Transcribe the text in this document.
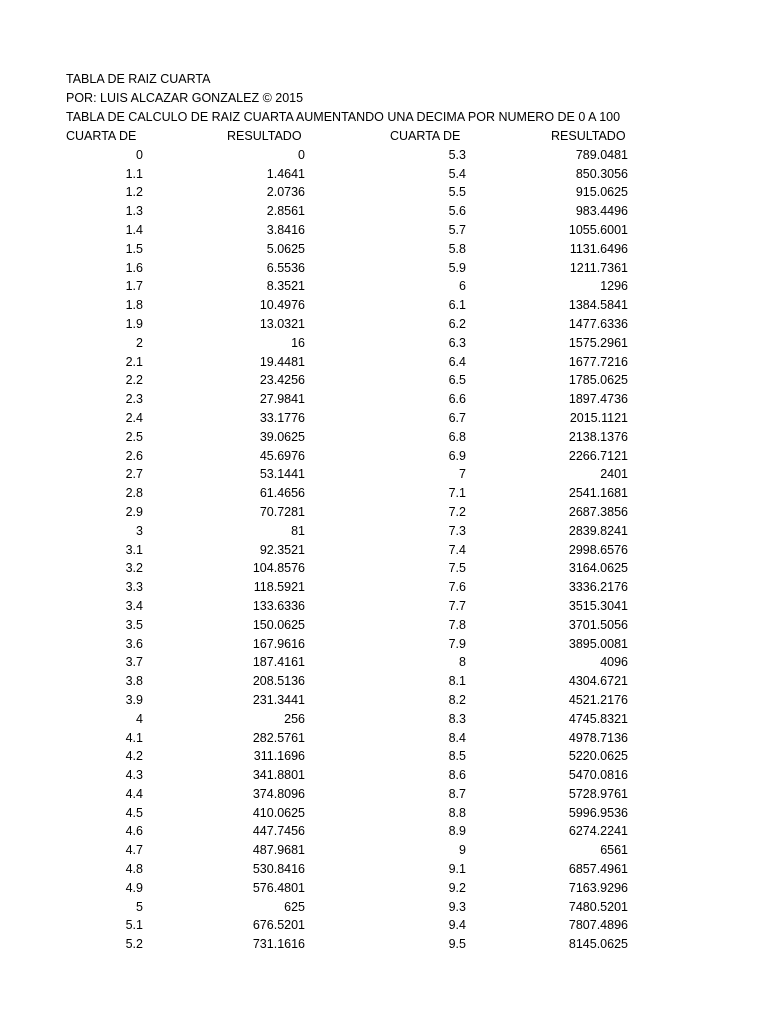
TABLA DE RAIZ CUARTA
POR: LUIS ALCAZAR GONZALEZ © 2015
TABLA DE CALCULO DE RAIZ CUARTA AUMENTANDO UNA DECIMA POR NUMERO DE 0 A 100
CUARTA DE	RESULTADO	CUARTA DE	RESULTADO
0	0	5.3	789.0481
1.1	1.4641	5.4	850.3056
1.2	2.0736	5.5	915.0625
1.3	2.8561	5.6	983.4496
1.4	3.8416	5.7	1055.6001
1.5	5.0625	5.8	1131.6496
1.6	6.5536	5.9	1211.7361
1.7	8.3521	6	1296
1.8	10.4976	6.1	1384.5841
1.9	13.0321	6.2	1477.6336
2	16	6.3	1575.2961
2.1	19.4481	6.4	1677.7216
2.2	23.4256	6.5	1785.0625
2.3	27.9841	6.6	1897.4736
2.4	33.1776	6.7	2015.1121
2.5	39.0625	6.8	2138.1376
2.6	45.6976	6.9	2266.7121
2.7	53.1441	7	2401
2.8	61.4656	7.1	2541.1681
2.9	70.7281	7.2	2687.3856
3	81	7.3	2839.8241
3.1	92.3521	7.4	2998.6576
3.2	104.8576	7.5	3164.0625
3.3	118.5921	7.6	3336.2176
3.4	133.6336	7.7	3515.3041
3.5	150.0625	7.8	3701.5056
3.6	167.9616	7.9	3895.0081
3.7	187.4161	8	4096
3.8	208.5136	8.1	4304.6721
3.9	231.3441	8.2	4521.2176
4	256	8.3	4745.8321
4.1	282.5761	8.4	4978.7136
4.2	311.1696	8.5	5220.0625
4.3	341.8801	8.6	5470.0816
4.4	374.8096	8.7	5728.9761
4.5	410.0625	8.8	5996.9536
4.6	447.7456	8.9	6274.2241
4.7	487.9681	9	6561
4.8	530.8416	9.1	6857.4961
4.9	576.4801	9.2	7163.9296
5	625	9.3	7480.5201
5.1	676.5201	9.4	7807.4896
5.2	731.1616	9.5	8145.0625
